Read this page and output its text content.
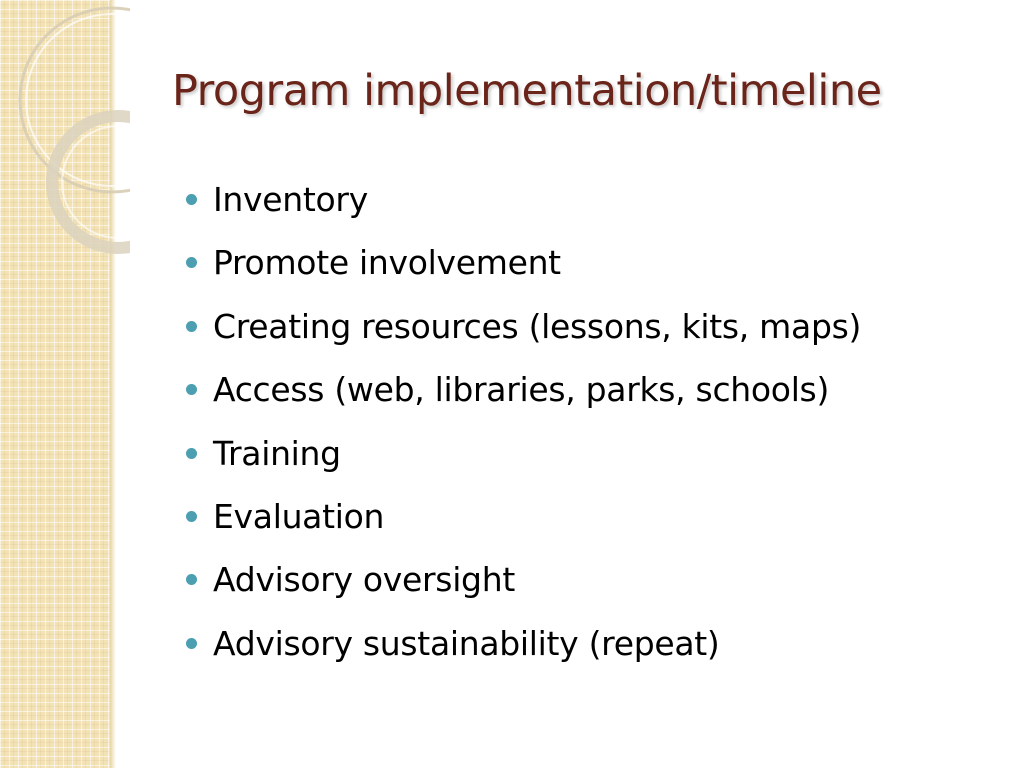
Program implementation/timeline
Inventory
Promote involvement
Creating resources (lessons, kits, maps)
Access (web, libraries, parks, schools)
Training
Evaluation
Advisory oversight
Advisory sustainability (repeat)
